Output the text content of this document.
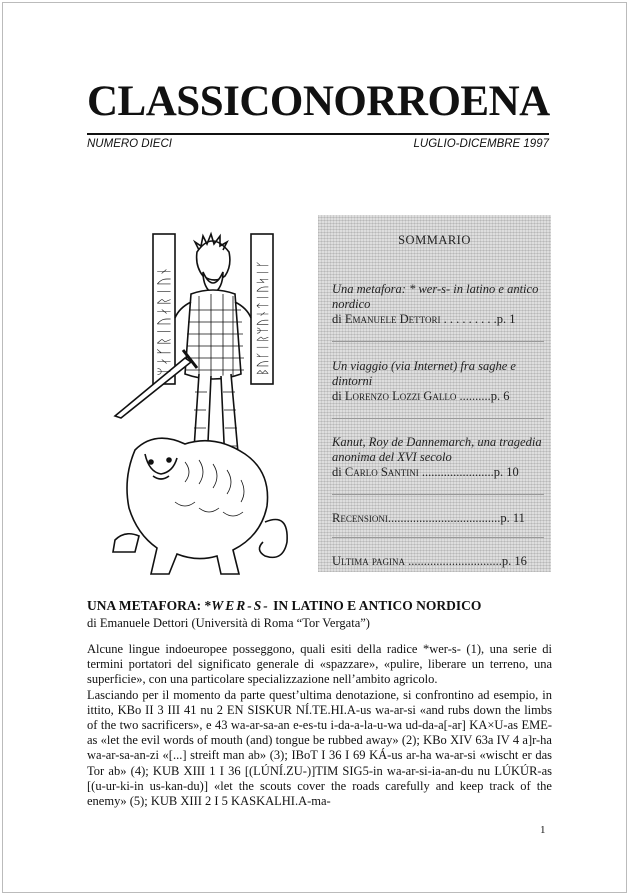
CLASSICONORROENA
NUMERO DIECI	LUGLIO-DICEMBRE 1997
ᛘᛅᚴᚱᛁᚢᛅᚱᛁᚢᚾ	ᛒᚢᚴᛁᚱᛘᚢᚾᛏᛁᚢᛋᛁᚴ
SOMMARIO
Una metafora: * wer-s- in latino e antico nordico
di Emanuele Dettori . . . . . . . . .p. 1
Un viaggio (via Internet) fra saghe e dintorni
di Lorenzo Lozzi Gallo ..........p. 6
Kanut, Roy de Dannemarch, una tragedia anonima del XVI secolo
di Carlo Santini .......................p. 10
Recensioni....................................p. 11
Ultima pagina ..............................p. 16
UNA METAFORA: *WER-S- IN LATINO E ANTICO NORDICO
di Emanuele Dettori (Università di Roma “Tor Vergata”)

Alcune lingue indoeuropee posseggono, quali esiti della radice *wer-s- (1), una serie di termini portatori del significato generale di «spazzare», «pulire, liberare un terreno, una superficie», con una particolare specializzazione nell’ambito agricolo.

Lasciando per il momento da parte quest’ultima denotazione, si confrontino ad esempio, in ittito, KBo II 3 III 41 nu 2 EN SISKUR NÍ.TE.HI.A-us wa-ar-si «and rubs down the limbs of the two sacrificers», e 43 wa-ar-sa-an e-es-tu i-da-a-la-u-wa ud-da-a[-ar] KA×U-as EME-as «let the evil words of mouth (and) tongue be rubbed away» (2); KBo XIV 63a IV 4 a]r-ha wa-ar-sa-an-zi «[...] streift man ab» (3); IBoT I 36 I 69 KÁ-us ar-ha wa-ar-si «wischt er das Tor ab» (4); KUB XIII 1 I 36 [(LÚNÍ.ZU-)]TIM SIG5-in wa-ar-si-ia-an-du nu LÚKÚR-as [(u-ur-ki-in us-kan-du)] «let the scouts cover the roads carefully and keep track of the enemy» (5); KUB XIII 2 I 5 KASKALHI.A-ma-

1
